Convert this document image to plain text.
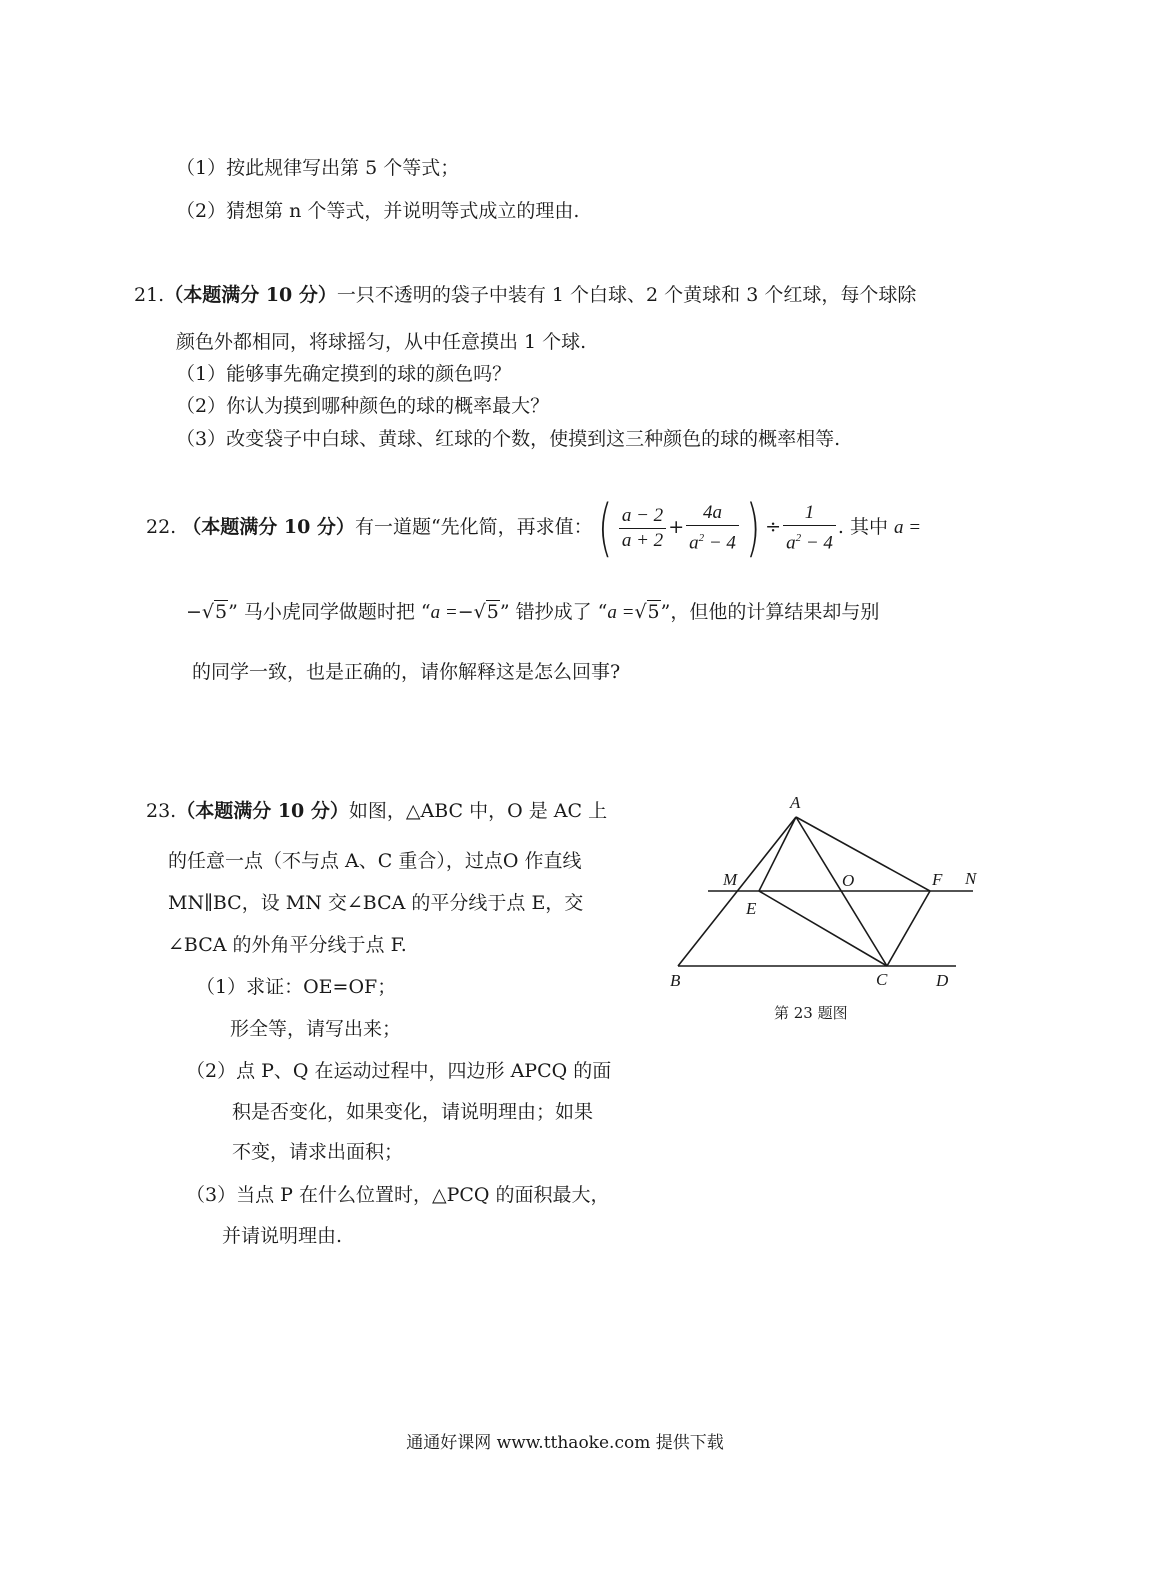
（1）按此规律写出第 5 个等式；
（2）猜想第 n 个等式，并说明等式成立的理由.
21.（本题满分 10 分）一只不透明的袋子中装有 1 个白球、2 个黄球和 3 个红球，每个球除
颜色外都相同，将球摇匀，从中任意摸出 1 个球.
（1）能够事先确定摸到的球的颜色吗？
（2）你认为摸到哪种颜色的球的概率最大？
（3）改变袋子中白球、黄球、红球的个数，使摸到这三种颜色的球的概率相等.
22. （本题满分 10 分）有一道题“先化简，再求值：( $\frac{a - 2}{a + 2} + \frac{4a}{a^2 - 4}$ ) ÷ $\frac{1}{a^2 - 4}$ . 其中 a =
−√5” 马小虎同学做题时把 “a =−√5” 错抄成了 “a =√5”，但他的计算结果却与别
的同学一致，也是正确的，请你解释这是怎么回事?
23.（本题满分 10 分）如图，△ABC 中，O 是 AC 上
的任意一点（不与点 A、C 重合），过点O 作直线
MN∥BC，设 MN 交∠BCA 的平分线于点 E，交
∠BCA 的外角平分线于点 F.
（1）求证：OE=OF；
形全等，请写出来；
（2）点 P、Q 在运动过程中，四边形 APCQ 的面
积是否变化，如果变化，请说明理由；如果
不变，请求出面积；
（3）当点 P 在什么位置时，△PCQ 的面积最大，
并请说明理由.
A
M	O	F N
E
B	C	D
第 23 题图
通通好课网 www.tthaoke.com 提供下载
